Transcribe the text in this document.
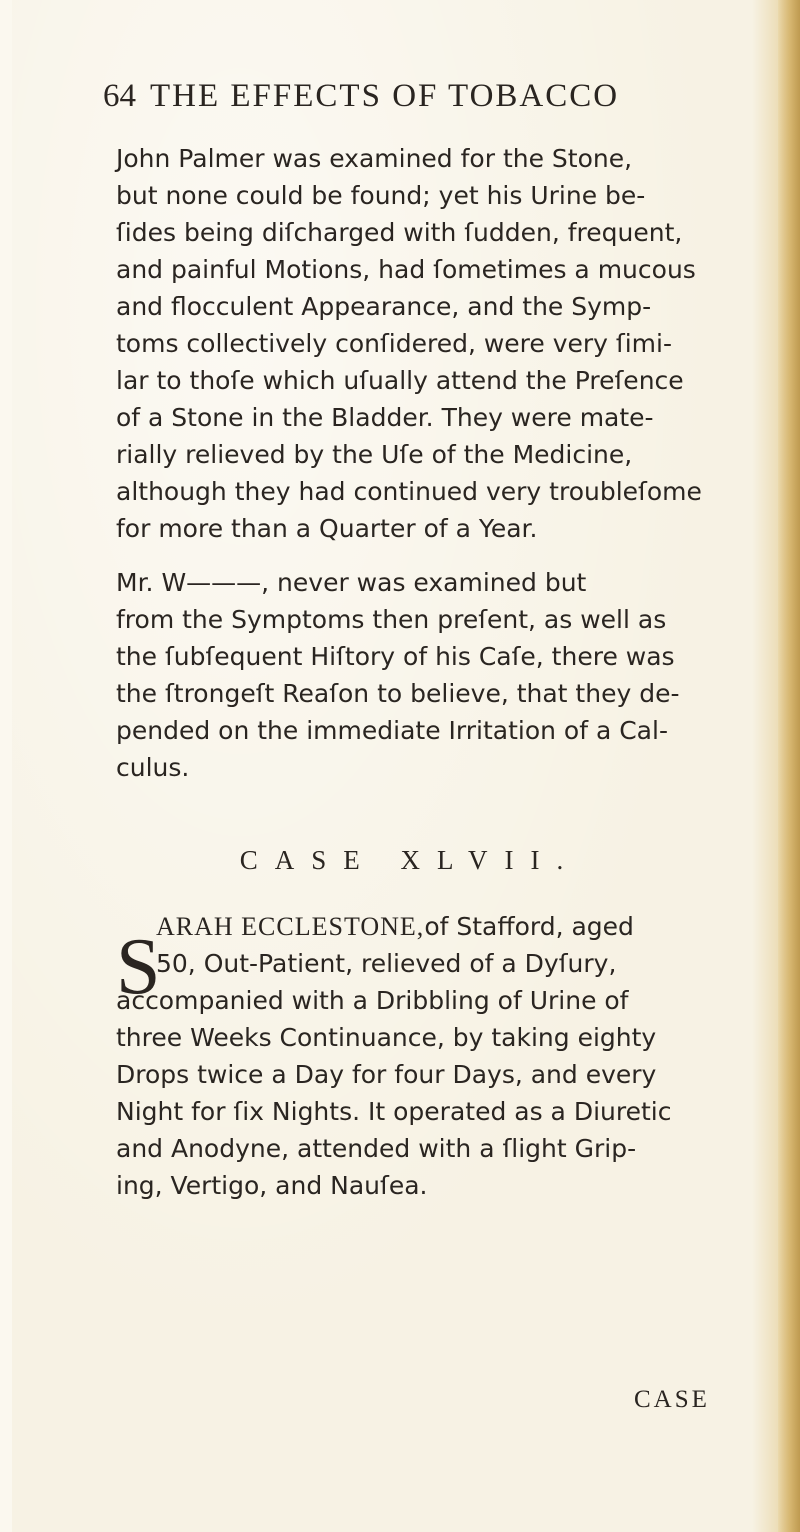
64 THE EFFECTS OF TOBACCO
John Palmer was examined for the Stone,
but none could be found; yet his Urine be-
ſides being diſcharged with ſudden, frequent,
and painful Motions, had ſometimes a mucous
and flocculent Appearance, and the Symp-
toms collectively conſidered, were very ſimi-
lar to thoſe which uſually attend the Preſence
of a Stone in the Bladder. They were mate-
rially relieved by the Uſe of the Medicine,
although they had continued very troubleſome
for more than a Quarter of a Year.
Mr. W———, never was examined but
from the Symptoms then preſent, as well as
the ſubſequent Hiſtory of his Caſe, there was
the ſtrongeſt Reaſon to believe, that they de-
pended on the immediate Irritation of a Cal-
culus.
CASE XLVII.
S
ARAH ECCLESTONE,of Stafford, aged
50, Out-Patient, relieved of a Dyſury,
accompanied with a Dribbling of Urine of
three Weeks Continuance, by taking eighty
Drops twice a Day for four Days, and every
Night for ſix Nights. It operated as a Diuretic
and Anodyne, attended with a ſlight Grip-
ing, Vertigo, and Nauſea.
CASE
